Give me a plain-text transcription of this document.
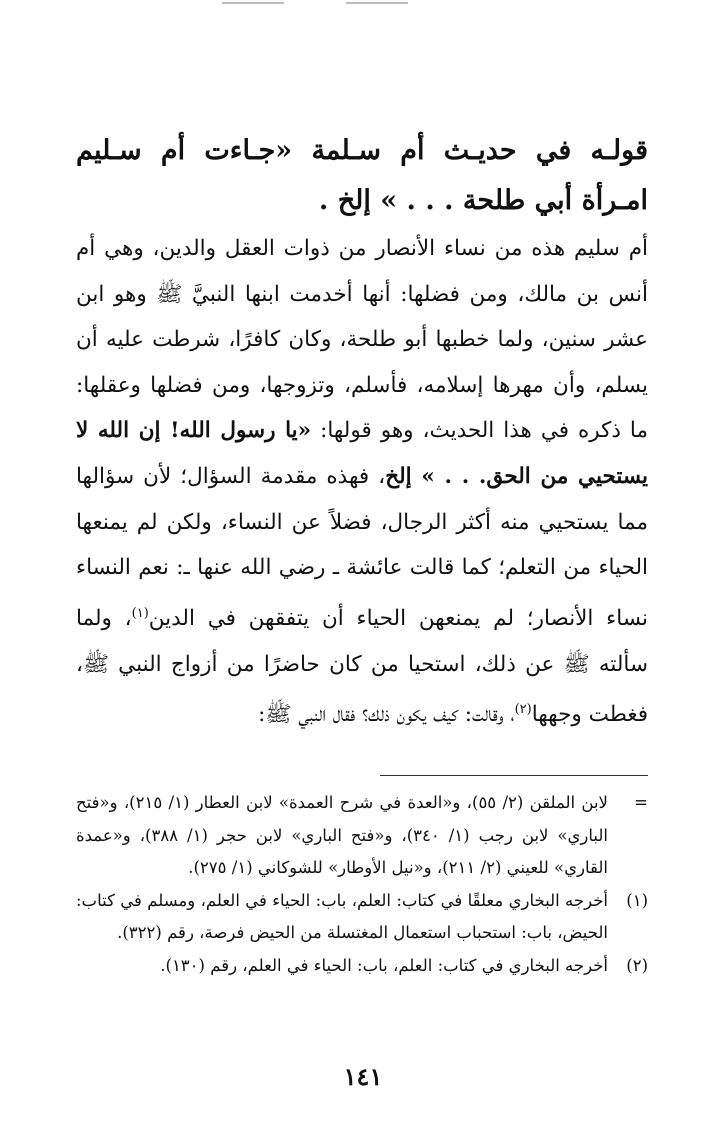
قولـه في حديـث أم سـلمة «جـاءت أم سـليم امـرأة أبي طلحة . . . » إلخ .

أم سليم هذه من نساء الأنصار من ذوات العقل والدين، وهي أم أنس بن مالك، ومن فضلها: أنها أخدمت ابنها النبيَّ ﷺ وهو ابن عشر سنين، ولما خطبها أبو طلحة، وكان كافرًا، شرطت عليه أن يسلم، وأن مهرها إسلامه، فأسلم، وتزوجها، ومن فضلها وعقلها: ما ذكره في هذا الحديث، وهو قولها: «يا رسول الله! إن الله لا يستحيي من الحق. . . » إلخ، فهذه مقدمة السؤال؛ لأن سؤالها مما يستحيي منه أكثر الرجال، فضلاً عن النساء، ولكن لم يمنعها الحياء من التعلم؛ كما قالت عائشة ـ رضي الله عنها ـ: نعم النساء نساء الأنصار؛ لم يمنعهن الحياء أن يتفقهن في الدين$^{(١)}$، ولما سألته ﷺ عن ذلك، استحيا من كان حاضرًا من أزواج النبي ﷺ، فغطت وجهها$^{(٢)}$، وقالت: كيف يكون ذلك؟ فقال النبي ﷺ:

=
لابن الملقن (٢/ ٥٥)، و«العدة في شرح العمدة» لابن العطار (١/ ٢١٥)، و«فتح الباري» لابن رجب (١/ ٣٤٠)، و«فتح الباري» لابن حجر (١/ ٣٨٨)، و«عمدة القاري» للعيني (٢/ ٢١١)، و«نيل الأوطار» للشوكاني (١/ ٢٧٥).
(١)
أخرجه البخاري معلقًا في كتاب: العلم، باب: الحياء في العلم، ومسلم في كتاب: الحيض، باب: استحباب استعمال المغتسلة من الحيض فرصة، رقم (٣٢٢).
(٢)
أخرجه البخاري في كتاب: العلم، باب: الحياء في العلم، رقم (١٣٠).
١٤١
